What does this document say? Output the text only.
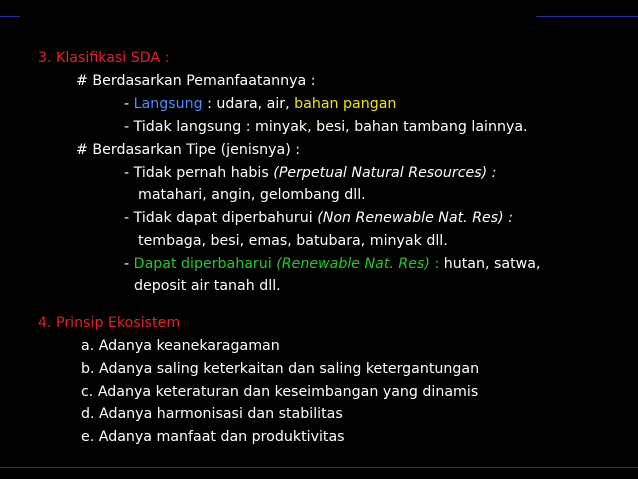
3. Klasifikasi SDA :
# Berdasarkan Pemanfaatannya :
- Langsung : udara, air, bahan pangan
- Tidak langsung : minyak, besi, bahan tambang lainnya.
# Berdasarkan Tipe (jenisnya) :
- Tidak pernah habis (Perpetual Natural Resources) :
matahari, angin, gelombang dll.
- Tidak dapat diperbahurui (Non Renewable Nat. Res) :
tembaga, besi, emas, batubara, minyak dll.
- Dapat diperbaharui (Renewable Nat. Res) : hutan, satwa,
deposit air tanah dll.
4. Prinsip Ekosistem
a. Adanya keanekaragaman
b. Adanya saling keterkaitan dan saling ketergantungan
c. Adanya keteraturan dan keseimbangan yang dinamis
d. Adanya harmonisasi dan stabilitas
e. Adanya manfaat dan produktivitas
